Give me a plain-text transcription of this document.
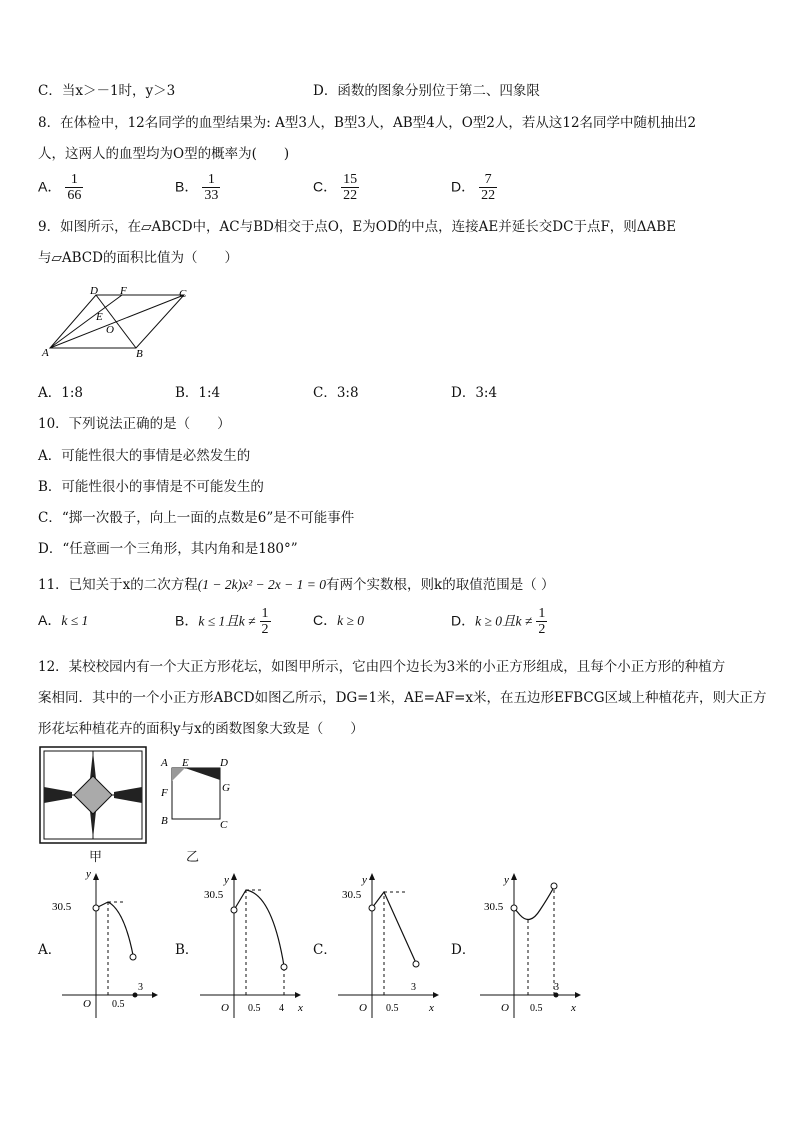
C．当x＞－1时，y＞3	D．函数的图象分别位于第二、四象限
8．在体检中，12名同学的血型结果为: A型3人，B型3人，AB型4人，O型2人，若从这12名同学中随机抽出2
人，这两人的血型均为O型的概率为(　　)
A． $\frac{1}{66}$	B． $\frac{1}{33}$	C． $\frac{15}{22}$	D． $\frac{7}{22}$
9．如图所示，在▱ABCD中，AC与BD相交于点O，E为OD的中点，连接AE并延长交DC于点F，则ΔABE
与▱ABCD的面积比值为（　　）
A	B
C
D
E
F
O
A．1:8	B．1:4	C．3:8	D．3:4
10．下列说法正确的是（　　）
A．可能性很大的事情是必然发生的
B．可能性很小的事情是不可能发生的
C．“掷一次骰子，向上一面的点数是6”是不可能事件
D．“任意画一个三角形，其内角和是180°”
11．已知关于x的二次方程(1 − 2k)x² − 2x − 1 = 0有两个实数根，则k的取值范围是（ ）
A．k ≤ 1	B．k ≤ 1且$k \ne \frac{1}{2}$	C．k ≥ 0	D．k ≥ 0且$k \ne \frac{1}{2}$
12．某校校园内有一个大正方形花坛，如图甲所示，它由四个边长为3米的小正方形组成，且每个小正方形的种植方
案相同．其中的一个小正方形ABCD如图乙所示，DG=1米，AE=AF=x米，在五边形EFBCG区域上种植花卉，则大正方
形花坛种植花卉的面积y与x的函数图象大致是（　　）
甲
A E	D
F	G
B	C
乙
A．
y
30.5
O 0.5
3
B．
y
30.5
O 0.5 4 x
C．
y
30.5
O 0.5
3
x
D．
y
30.5
O 0.5
3
x
